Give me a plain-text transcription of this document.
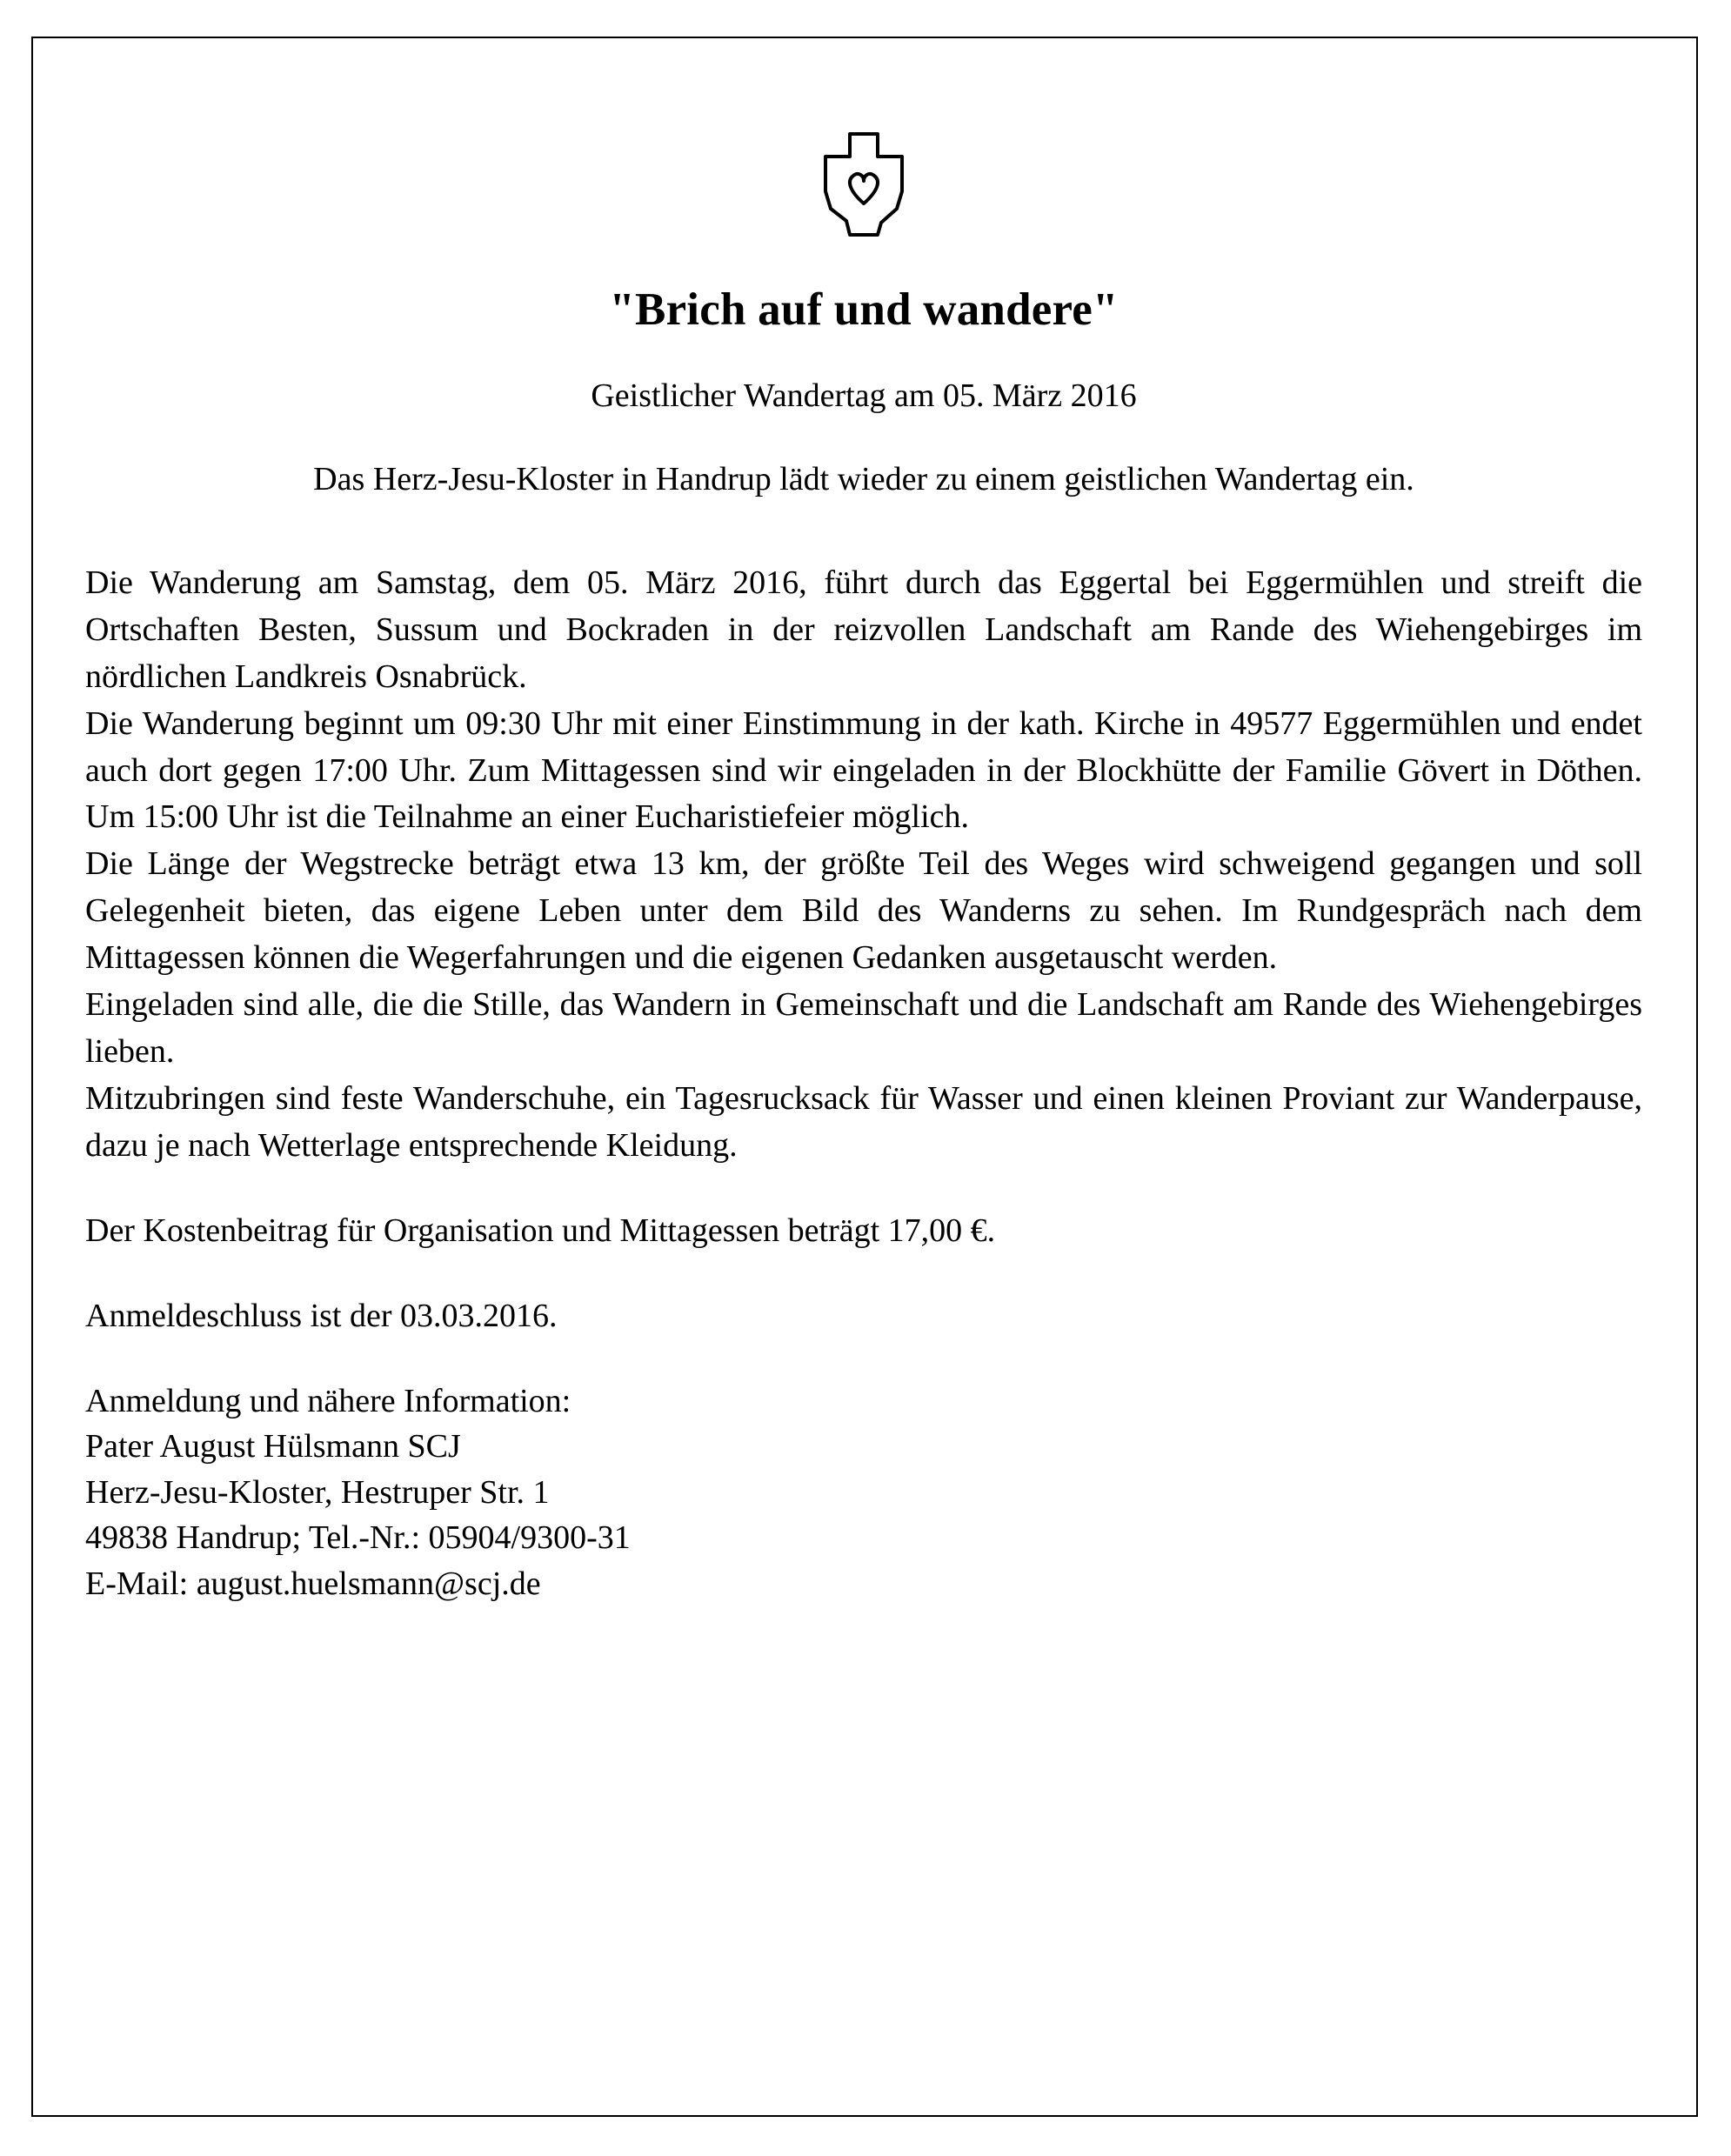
"Brich auf und wandere"

Geistlicher Wandertag am 05. März 2016

Das Herz-Jesu-Kloster in Handrup lädt wieder zu einem geistlichen Wandertag ein.

Die Wanderung am Samstag, dem 05. März 2016, führt durch das Eggertal bei Eggermühlen und streift die Ortschaften Besten, Sussum und Bockraden in der reizvollen Landschaft am Rande des Wiehengebirges im nördlichen Landkreis Osnabrück.

Die Wanderung beginnt um 09:30 Uhr mit einer Einstimmung in der kath. Kirche in 49577 Eggermühlen und endet auch dort gegen 17:00 Uhr. Zum Mittagessen sind wir eingeladen in der Blockhütte der Familie Gövert in Döthen. Um 15:00 Uhr ist die Teilnahme an einer Eucharistiefeier möglich.

Die Länge der Wegstrecke beträgt etwa 13 km, der größte Teil des Weges wird schweigend gegangen und soll Gelegenheit bieten, das eigene Leben unter dem Bild des Wanderns zu sehen. Im Rundgespräch nach dem Mittagessen können die Wegerfahrungen und die eigenen Gedanken ausgetauscht werden.

Eingeladen sind alle, die die Stille, das Wandern in Gemeinschaft und die Landschaft am Rande des Wiehengebirges lieben.

Mitzubringen sind feste Wanderschuhe, ein Tagesrucksack für Wasser und einen kleinen Proviant zur Wanderpause, dazu je nach Wetterlage entsprechende Kleidung.

Der Kostenbeitrag für Organisation und Mittagessen beträgt 17,00 €.

Anmeldeschluss ist der 03.03.2016.

Anmeldung und nähere Information:
Pater August Hülsmann SCJ
Herz-Jesu-Kloster, Hestruper Str. 1
49838 Handrup; Tel.-Nr.: 05904/9300-31
E-Mail: august.huelsmann@scj.de
